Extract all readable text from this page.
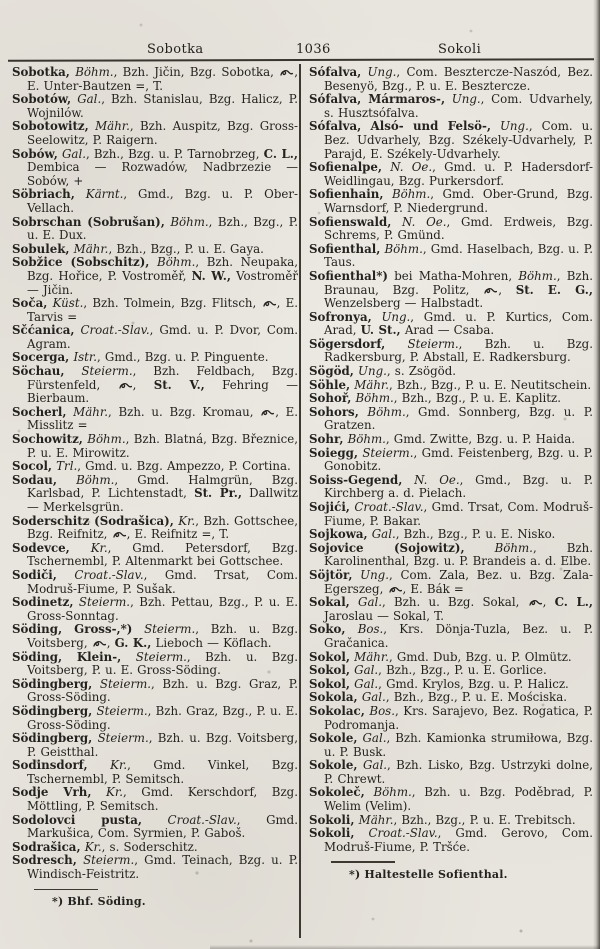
Sobotka	1036	Sokoli

Sobotka, Böhm., Bzh. Jičin, Bzg. Sobotka,
, E. Unter-Bautzen =, T.

Sobotów, Gal., Bzh. Stanislau, Bzg. Halicz, P. Wojnilów.

Sobotowitz, Mähr., Bzh. Auspitz, Bzg. Gross-Seelowitz, P. Raigern.

Sobów, Gal., Bzh., Bzg. u. P. Tarnobrzeg, C. L., Dembica — Rozwadów, Nadbrzezie — Sobów, +

Söbriach, Kärnt., Gmd., Bzg. u. P. Ober-Vellach.

Sobrschan (Sobrušan), Böhm., Bzh., Bzg., P. u. E. Dux.

Sobulek, Mähr., Bzh., Bzg., P. u. E. Gaya.

Sobžice (Sobschitz), Böhm., Bzh. Neupaka, Bzg. Hořice, P. Vostroměř, N. W., Vostroměř — Jičin.

Soča, Küst., Bzh. Tolmein, Bzg. Flitsch,
, E. Tarvis =

Sčćanica, Croat.-Slav., Gmd. u. P. Dvor, Com. Agram.

Socerga, Istr., Gmd., Bzg. u. P. Pinguente.

Söchau, Steierm., Bzh. Feldbach, Bzg. Fürstenfeld,
, St. V., Fehring — Bierbaum.

Socherl, Mähr., Bzh. u. Bzg. Kromau,
, E. Misslitz =

Sochowitz, Böhm., Bzh. Blatná, Bzg. Březnice, P. u. E. Mirowitz.

Socol, Trl., Gmd. u. Bzg. Ampezzo, P. Cortina.

Sodau, Böhm., Gmd. Halmgrün, Bzg. Karlsbad, P. Lichtenstadt, St. Pr., Dallwitz — Merkelsgrün.

Soderschitz (Sodrašica), Kr., Bzh. Gottschee, Bzg. Reifnitz,
, E. Reifnitz =, T.

Sodevce, Kr., Gmd. Petersdorf, Bzg. Tschernembl, P. Altenmarkt bei Gottschee.

Sodiči, Croat.-Slav., Gmd. Trsat, Com. Modruš-Fiume, P. Sušak.

Sodinetz, Steierm., Bzh. Pettau, Bzg., P. u. E. Gross-Sonntag.

Söding, Gross-,*) Steierm., Bzh. u. Bzg. Voitsberg,
, G. K., Lieboch — Köflach.

Söding, Klein-, Steierm., Bzh. u. Bzg. Voitsberg, P. u. E. Gross-Söding.

Södingberg, Steierm., Bzh. u. Bzg. Graz, P. Gross-Söding.

Södingberg, Steierm., Bzh. Graz, Bzg., P. u. E. Gross-Söding.

Södingberg, Steierm., Bzh. u. Bzg. Voitsberg, P. Geistthal.

Sodinsdorf, Kr., Gmd. Vinkel, Bzg. Tschernembl, P. Semitsch.

Sodje Vrh, Kr., Gmd. Kerschdorf, Bzg. Möttling, P. Semitsch.

Sodolovci pusta, Croat.-Slav., Gmd. Markušica, Com. Syrmien, P. Gaboš.

Sodrašica, Kr., s. Soderschitz.

Sodresch, Steierm., Gmd. Teinach, Bzg. u. P. Windisch-Feistritz.

*) Bhf. Söding.

Sófalva, Ung., Com. Besztercze-Naszód, Bez. Besenyö, Bzg., P. u. E. Besztercze.

Sófalva, Mármaros-, Ung., Com. Udvarhely, s. Husztsófalva.

Sófalva, Alsó- und Felsö-, Ung., Com. u. Bez. Udvarhely, Bzg. Székely-Udvarhely, P. Parajd, E. Székely-Udvarhely.

Sofienalpe, N. Oe., Gmd. u. P. Hadersdorf-Weidlingau, Bzg. Purkersdorf.

Sofienhain, Böhm., Gmd. Ober-Grund, Bzg. Warnsdorf, P. Niedergrund.

Sofienswald, N. Oe., Gmd. Erdweis, Bzg. Schrems, P. Gmünd.

Sofienthal, Böhm., Gmd. Haselbach, Bzg. u. P. Taus.

Sofienthal*) bei Matha-Mohren, Böhm., Bzh. Braunau, Bzg. Politz,
, St. E. G., Wenzelsberg — Halbstadt.

Sofronya, Ung., Gmd. u. P. Kurtics, Com. Arad, U. St., Arad — Csaba.

Sögersdorf, Steierm., Bzh. u. Bzg. Radkersburg, P. Abstall, E. Radkersburg.

Sögöd, Ung., s. Zsögöd.

Söhle, Mähr., Bzh., Bzg., P. u. E. Neutitschein.

Sohoř, Böhm., Bzh., Bzg., P. u. E. Kaplitz.

Sohors, Böhm., Gmd. Sonnberg, Bzg. u. P. Gratzen.

Sohr, Böhm., Gmd. Zwitte, Bzg. u. P. Haida.

Soiegg, Steierm., Gmd. Feistenberg, Bzg. u. P. Gonobitz.

Soiss-Gegend, N. Oe., Gmd., Bzg. u. P. Kirchberg a. d. Pielach.

Sojići, Croat.-Slav., Gmd. Trsat, Com. Modruš-Fiume, P. Bakar.

Sojkowa, Gal., Bzh., Bzg., P. u. E. Nisko.

Sojovice (Sojowitz), Böhm., Bzh. Karolinenthal, Bzg. u. P. Brandeis a. d. Elbe.

Söjtör, Ung., Com. Zala, Bez. u. Bzg. Zala-Egerszeg,
, E. Bák =

Sokal, Gal., Bzh. u. Bzg. Sokal,
, C. L., Jaroslau — Sokal, T.

Soko, Bos., Krs. Dönja-Tuzla, Bez. u. P. Gračanica.

Sokol, Mähr., Gmd. Dub, Bzg. u. P. Olmütz.

Sokol, Gal., Bzh., Bzg., P. u. E. Gorlice.

Sokol, Gal., Gmd. Krylos, Bzg. u. P. Halicz.

Sokola, Gal., Bzh., Bzg., P. u. E. Mościska.

Sokolac, Bos., Krs. Sarajevo, Bez. Rogatica, P. Podromanja.

Sokole, Gal., Bzh. Kamionka strumiłowa, Bzg. u. P. Busk.

Sokole, Gal., Bzh. Lisko, Bzg. Ustrzyki dolne, P. Chrewt.

Sokoleč, Böhm., Bzh. u. Bzg. Poděbrad, P. Welim (Velim).

Sokoli, Mähr., Bzh., Bzg., P. u. E. Trebitsch.

Sokoli, Croat.-Slav., Gmd. Gerovo, Com. Modruš-Fiume, P. Tršće.

*) Haltestelle Sofienthal.
